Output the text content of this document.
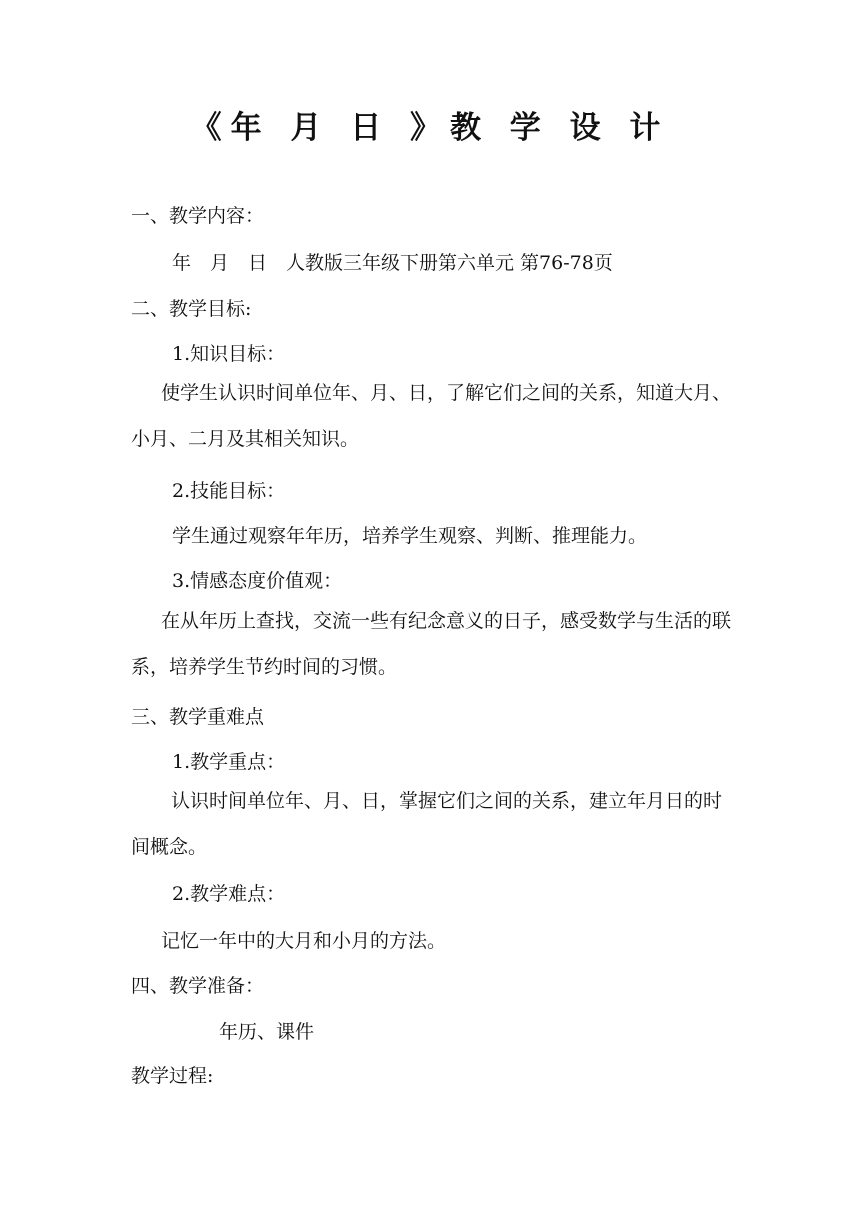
《年 月 日 》教 学 设 计

一、教学内容：

年　月　日　人教版三年级下册第六单元 第76-78页

二、教学目标:

1.知识目标：

使学生认识时间单位年、月、日，了解它们之间的关系，知道大月、小月、二月及其相关知识。

2.技能目标：

学生通过观察年年历，培养学生观察、判断、推理能力。

3.情感态度价值观：

在从年历上查找，交流一些有纪念意义的日子，感受数学与生活的联系，培养学生节约时间的习惯。

三、教学重难点

1.教学重点：

认识时间单位年、月、日，掌握它们之间的关系，建立年月日的时间概念。

2.教学难点：

记忆一年中的大月和小月的方法。

四、教学准备：

年历、课件

教学过程:
